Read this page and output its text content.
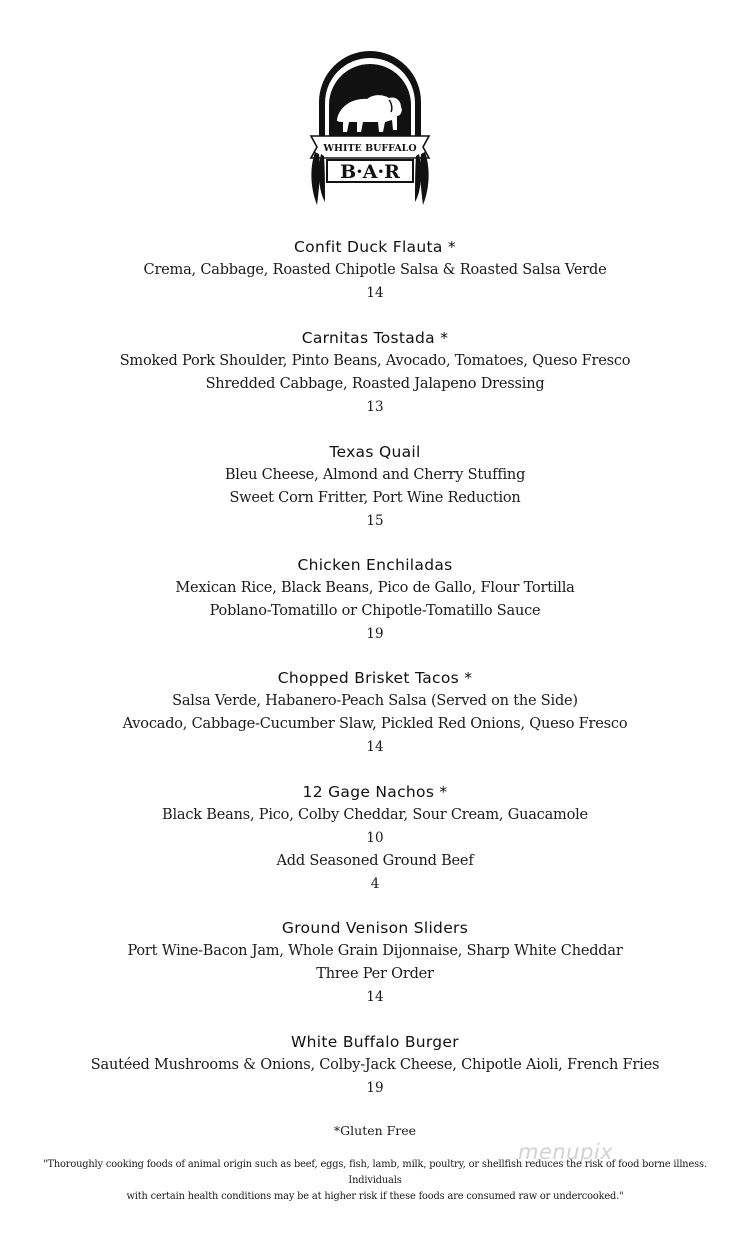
WHITE BUFFALO
B·A·R
Confit Duck Flauta *
Crema, Cabbage, Roasted Chipotle Salsa & Roasted Salsa Verde
14
Carnitas Tostada *
Smoked Pork Shoulder, Pinto Beans, Avocado, Tomatoes, Queso Fresco
Shredded Cabbage, Roasted Jalapeno Dressing
13
Texas Quail
Bleu Cheese, Almond and Cherry Stuffing
Sweet Corn Fritter, Port Wine Reduction
15
Chicken Enchiladas
Mexican Rice, Black Beans, Pico de Gallo, Flour Tortilla
Poblano-Tomatillo or Chipotle-Tomatillo Sauce
19
Chopped Brisket Tacos *
Salsa Verde, Habanero-Peach Salsa (Served on the Side)
Avocado, Cabbage-Cucumber Slaw, Pickled Red Onions, Queso Fresco
14
12 Gage Nachos *
Black Beans, Pico, Colby Cheddar, Sour Cream, Guacamole
10
Add Seasoned Ground Beef
4
Ground Venison Sliders
Port Wine-Bacon Jam, Whole Grain Dijonnaise, Sharp White Cheddar
Three Per Order
14
White Buffalo Burger
Sautéed Mushrooms & Onions, Colby-Jack Cheese, Chipotle Aioli, French Fries
19
*Gluten Free
menupix
"Thoroughly cooking foods of animal origin such as beef, eggs, fish, lamb, milk, poultry, or shellfish reduces the risk of food borne illness. Individuals
with certain health conditions may be at higher risk if these foods are consumed raw or undercooked."
